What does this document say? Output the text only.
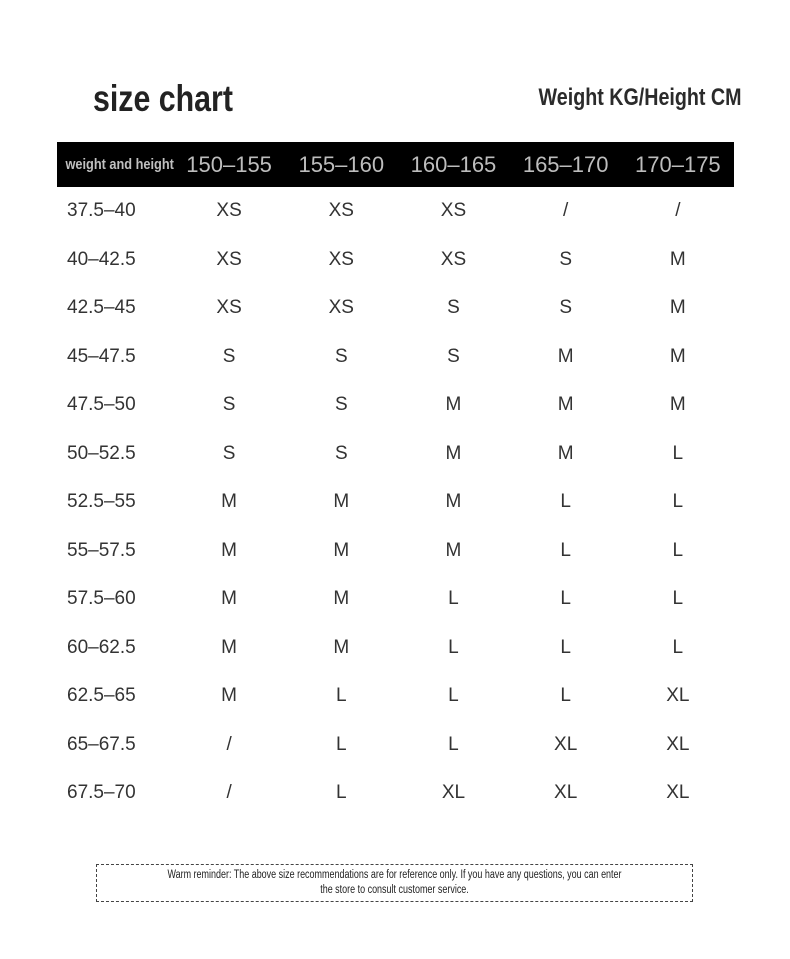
size chart	Weight KG/Height CM
weight and height 150–155	155–160	160–165	165–170	170–175
37.5–40	XS	XS	XS	/	/
40–42.5	XS	XS	XS	S	M
42.5–45	XS	XS	S	S	M
45–47.5	S	S	S	M	M
47.5–50	S	S	M	M	M
50–52.5	S	S	M	M	L
52.5–55	M	M	M	L	L
55–57.5	M	M	M	L	L
57.5–60	M	M	L	L	L
60–62.5	M	M	L	L	L
62.5–65	M	L	L	L	XL
65–67.5	/	L	L	XL	XL
67.5–70	/	L	XL	XL	XL
Warm reminder: The above size recommendations are for reference only. If you have any questions, you can enter the store to consult customer service.
